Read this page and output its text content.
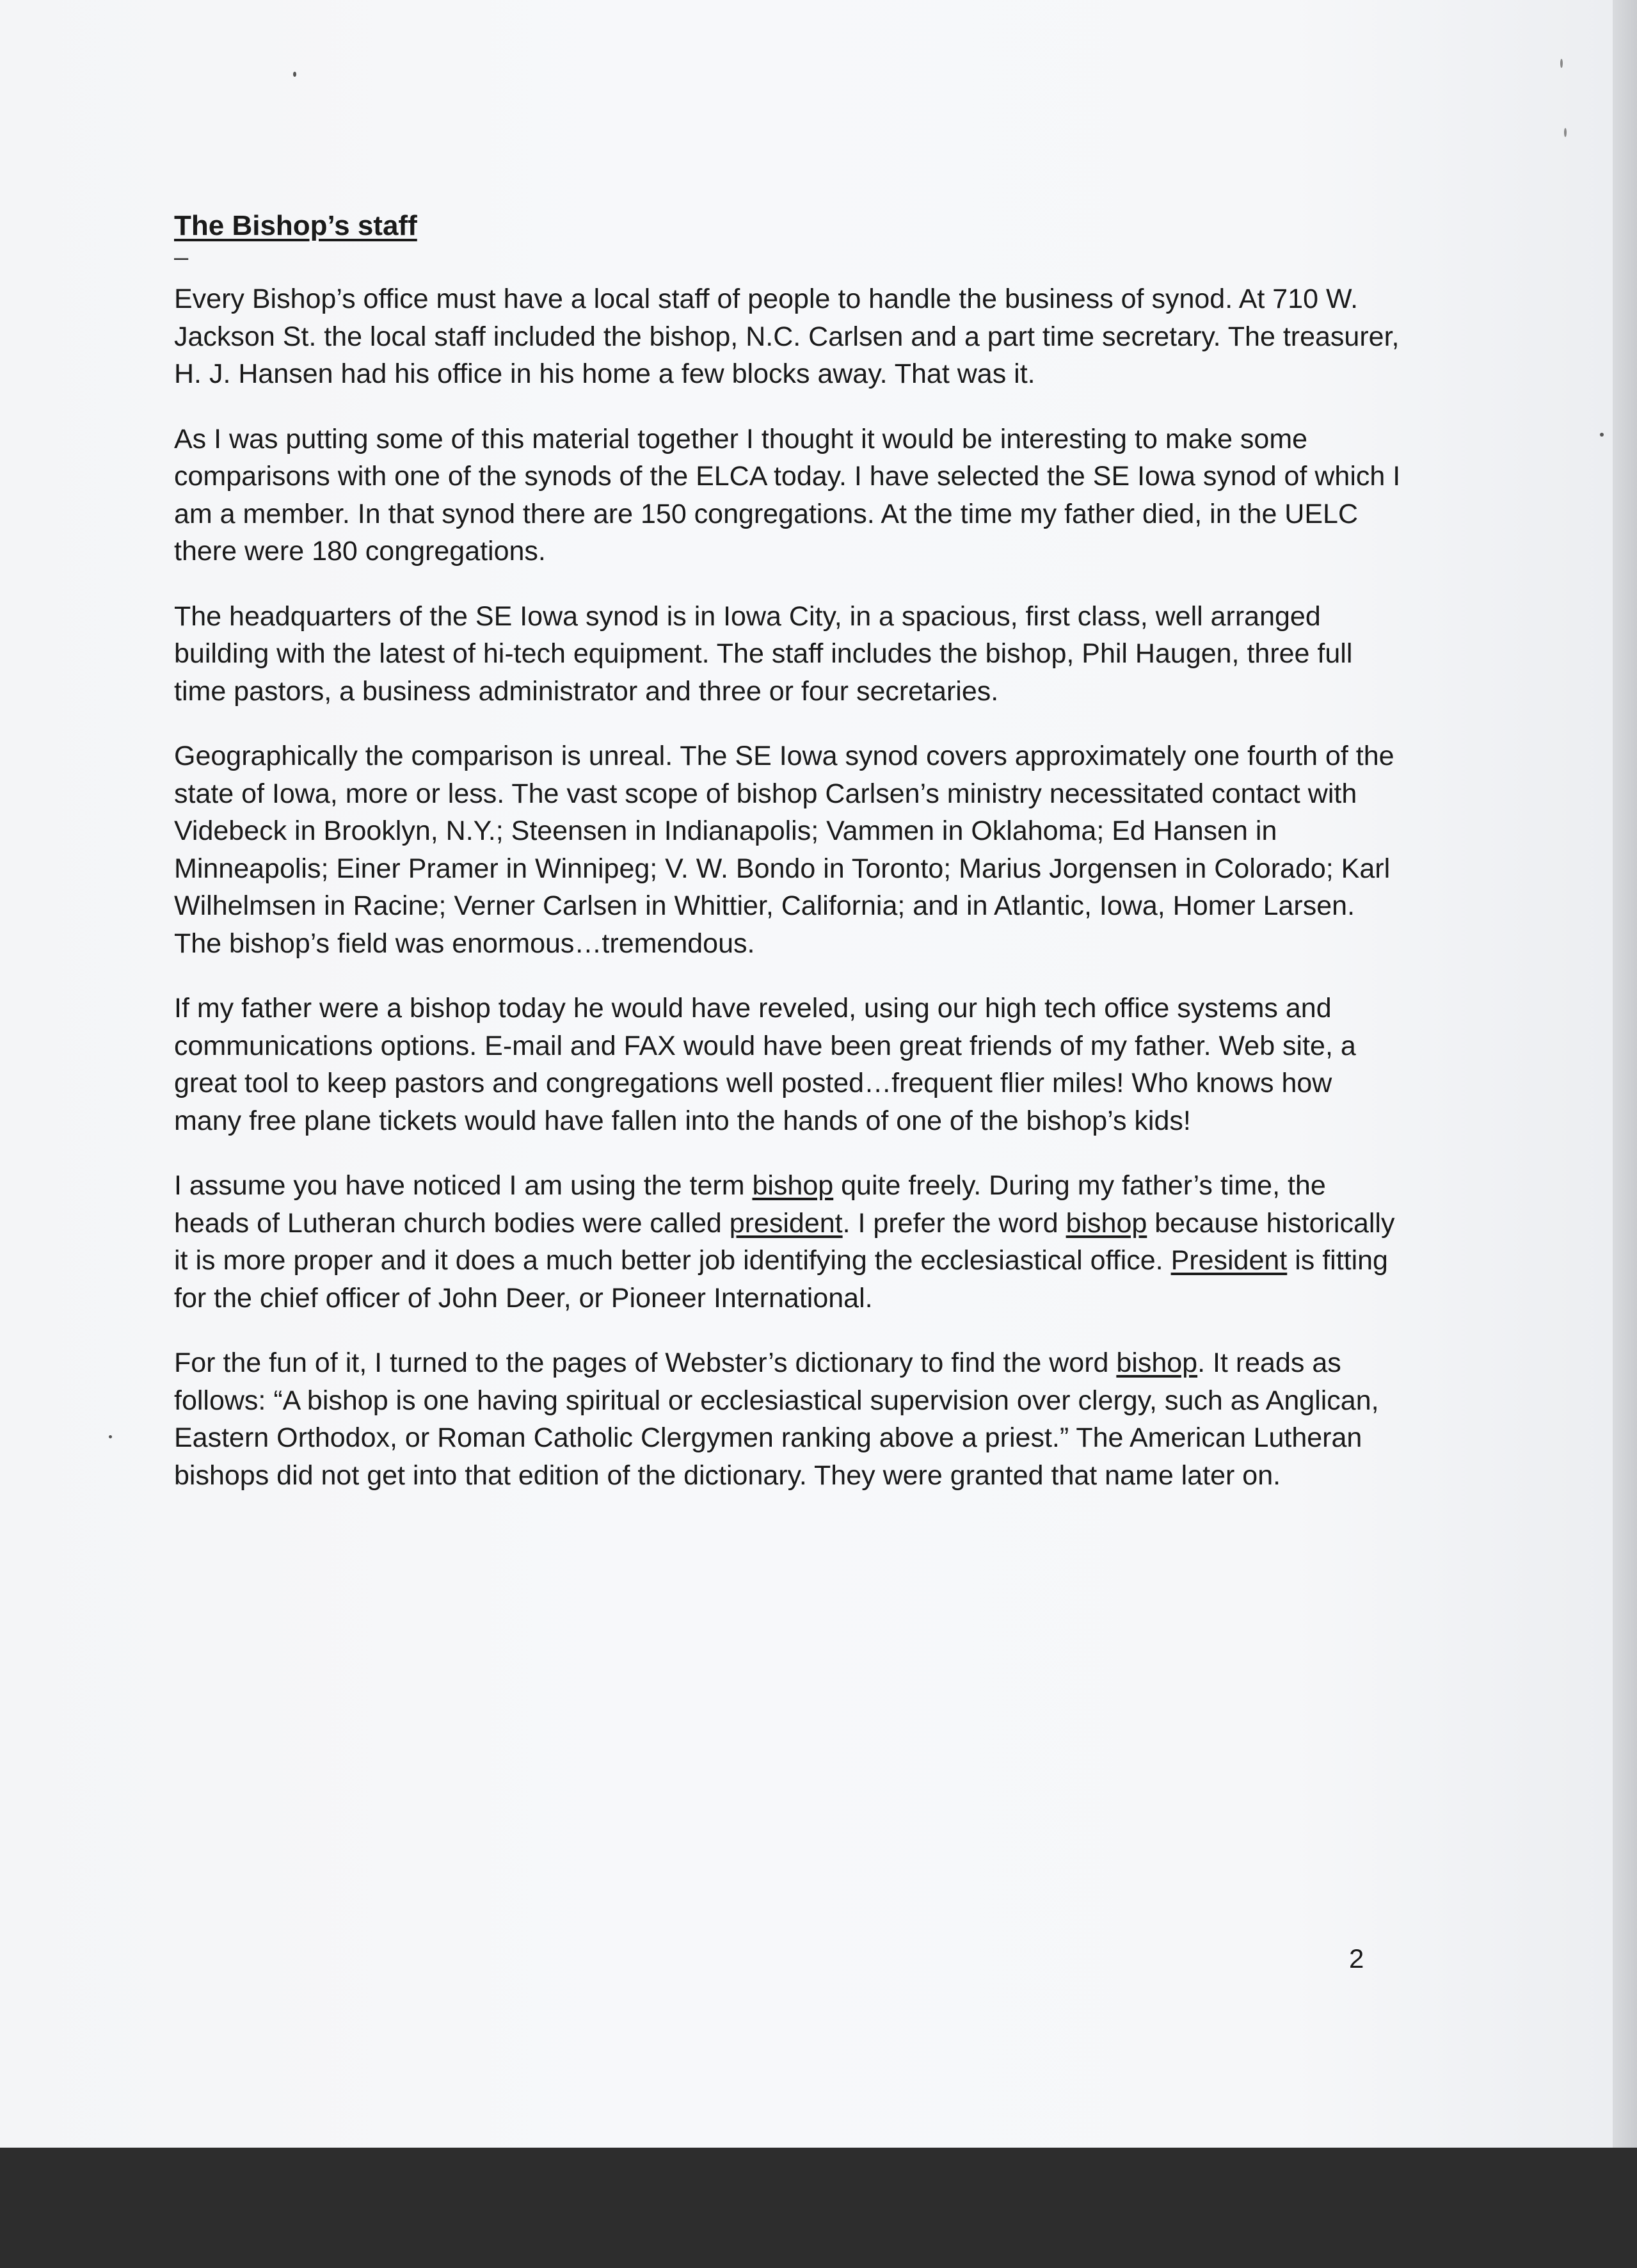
The Bishop’s staff
–

Every Bishop’s office must have a local staff of people to handle the business of synod. At 710 W. Jackson St. the local staff included the bishop, N.C. Carlsen and a part time secretary. The treasurer, H. J. Hansen had his office in his home a few blocks away. That was it.

As I was putting some of this material together I thought it would be interesting to make some comparisons with one of the synods of the ELCA today. I have selected the SE Iowa synod of which I am a member. In that synod there are 150 congregations. At the time my father died, in the UELC there were 180 congregations.

The headquarters of the SE Iowa synod is in Iowa City, in a spacious, first class, well arranged building with the latest of hi-tech equipment. The staff includes the bishop, Phil Haugen, three full time pastors, a business administrator and three or four secretaries.

Geographically the comparison is unreal. The SE Iowa synod covers approximately one fourth of the state of Iowa, more or less. The vast scope of bishop Carlsen’s ministry necessitated contact with Videbeck in Brooklyn, N.Y.; Steensen in Indianapolis; Vammen in Oklahoma; Ed Hansen in Minneapolis; Einer Pramer in Winnipeg; V. W. Bondo in Toronto; Marius Jorgensen in Colorado; Karl Wilhelmsen in Racine; Verner Carlsen in Whittier, California; and in Atlantic, Iowa, Homer Larsen. The bishop’s field was enormous…tremendous.

If my father were a bishop today he would have reveled, using our high tech office systems and communications options. E-mail and FAX would have been great friends of my father. Web site, a great tool to keep pastors and congregations well posted…frequent flier miles! Who knows how many free plane tickets would have fallen into the hands of one of the bishop’s kids!

I assume you have noticed I am using the term bishop quite freely. During my father’s time, the heads of Lutheran church bodies were called president. I prefer the word bishop because historically it is more proper and it does a much better job identifying the ecclesiastical office. President is fitting for the chief officer of John Deer, or Pioneer International.

For the fun of it, I turned to the pages of Webster’s dictionary to find the word bishop. It reads as follows: “A bishop is one having spiritual or ecclesiastical supervision over clergy, such as Anglican, Eastern Orthodox, or Roman Catholic Clergymen ranking above a priest.” The American Lutheran bishops did not get into that edition of the dictionary. They were granted that name later on.

2
